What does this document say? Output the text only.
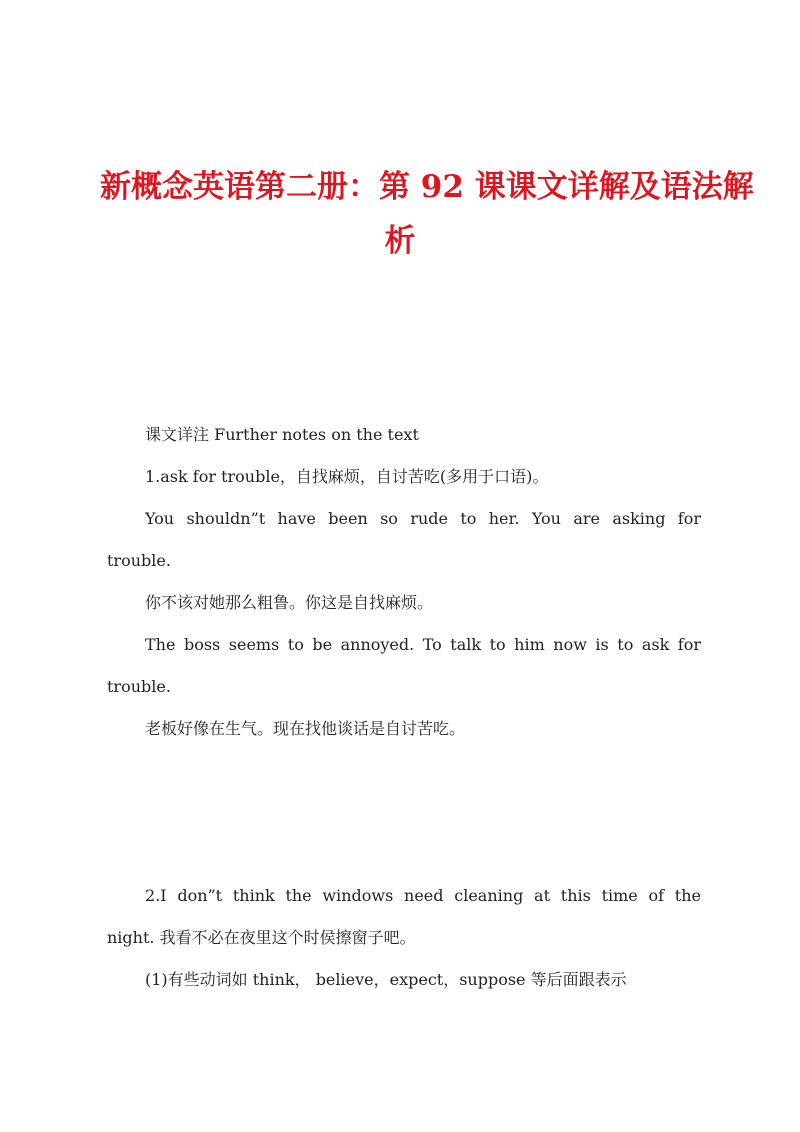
新概念英语第二册：第 92 课课文详解及语法解
析

课文详注 Further notes on the text

1.ask for trouble，自找麻烦，自讨苦吃(多用于口语)。

You shouldn”t have been so rude to her. You are asking for

trouble.

你不该对她那么粗鲁。你这是自找麻烦。

The boss seems to be annoyed. To talk to him now is to ask for

trouble.

老板好像在生气。现在找他谈话是自讨苦吃。

2.I don”t think the windows need cleaning at this time of the

night. 我看不必在夜里这个时侯擦窗子吧。

(1)有些动词如 think， believe，expect，suppose 等后面跟表示
